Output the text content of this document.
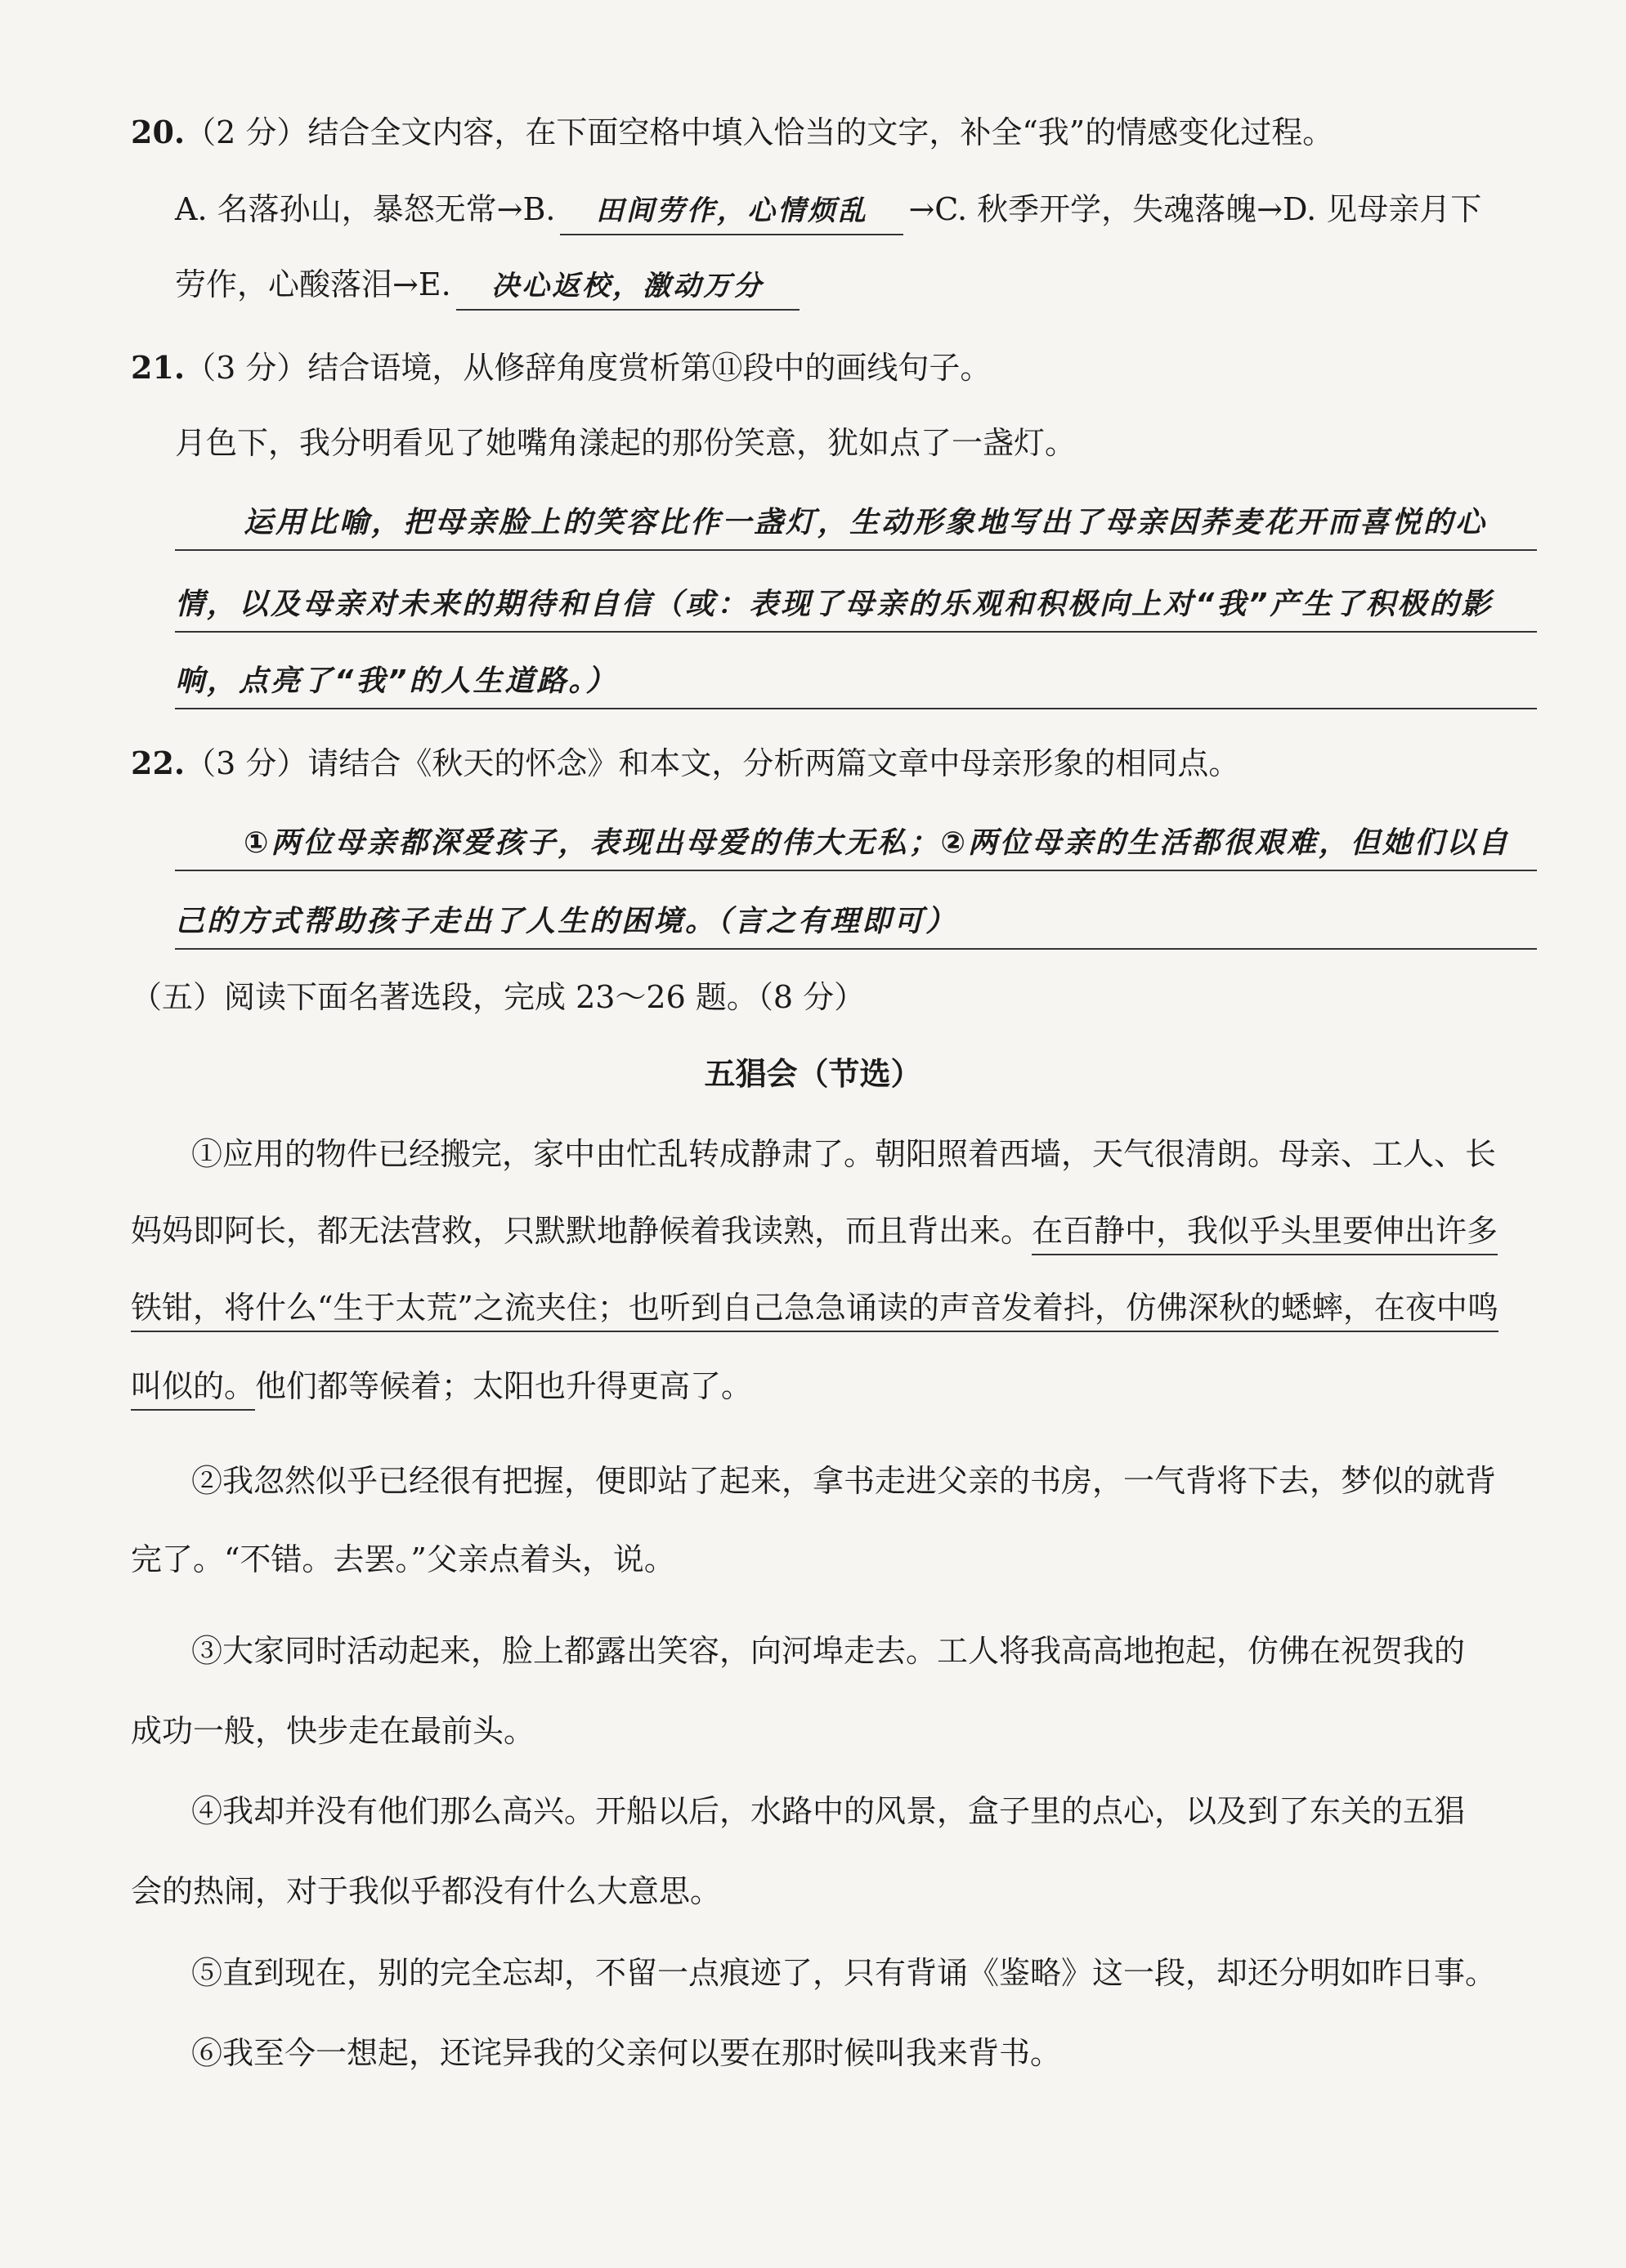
20.（2 分）结合全文内容，在下面空格中填入恰当的文字，补全“我”的情感变化过程。
A. 名落孙山，暴怒无常→B. 田间劳作，心情烦乱 →C. 秋季开学，失魂落魄→D. 见母亲月下
劳作，心酸落泪→E. 决心返校，激动万分
21.（3 分）结合语境，从修辞角度赏析第⑪段中的画线句子。
月色下，我分明看见了她嘴角漾起的那份笑意，犹如点了一盏灯。
运用比喻，把母亲脸上的笑容比作一盏灯，生动形象地写出了母亲因荞麦花开而喜悦的心
情，以及母亲对未来的期待和自信（或：表现了母亲的乐观和积极向上对“我”产生了积极的影
响，点亮了“我”的人生道路。）
22.（3 分）请结合《秋天的怀念》和本文，分析两篇文章中母亲形象的相同点。
①两位母亲都深爱孩子，表现出母爱的伟大无私；②两位母亲的生活都很艰难，但她们以自
己的方式帮助孩子走出了人生的困境。（言之有理即可）
（五）阅读下面名著选段，完成 23～26 题。（8 分）
五猖会（节选）
①应用的物件已经搬完，家中由忙乱转成静肃了。朝阳照着西墙，天气很清朗。母亲、工人、长
妈妈即阿长，都无法营救，只默默地静候着我读熟，而且背出来。在百静中，我似乎头里要伸出许多
铁钳，将什么“生于太荒”之流夹住；也听到自己急急诵读的声音发着抖，仿佛深秋的蟋蟀，在夜中鸣
叫似的。他们都等候着；太阳也升得更高了。
②我忽然似乎已经很有把握，便即站了起来，拿书走进父亲的书房，一气背将下去，梦似的就背
完了。“不错。去罢。”父亲点着头，说。
③大家同时活动起来，脸上都露出笑容，向河埠走去。工人将我高高地抱起，仿佛在祝贺我的
成功一般，快步走在最前头。
④我却并没有他们那么高兴。开船以后，水路中的风景，盒子里的点心，以及到了东关的五猖
会的热闹，对于我似乎都没有什么大意思。
⑤直到现在，别的完全忘却，不留一点痕迹了，只有背诵《鉴略》这一段，却还分明如昨日事。
⑥我至今一想起，还诧异我的父亲何以要在那时候叫我来背书。
